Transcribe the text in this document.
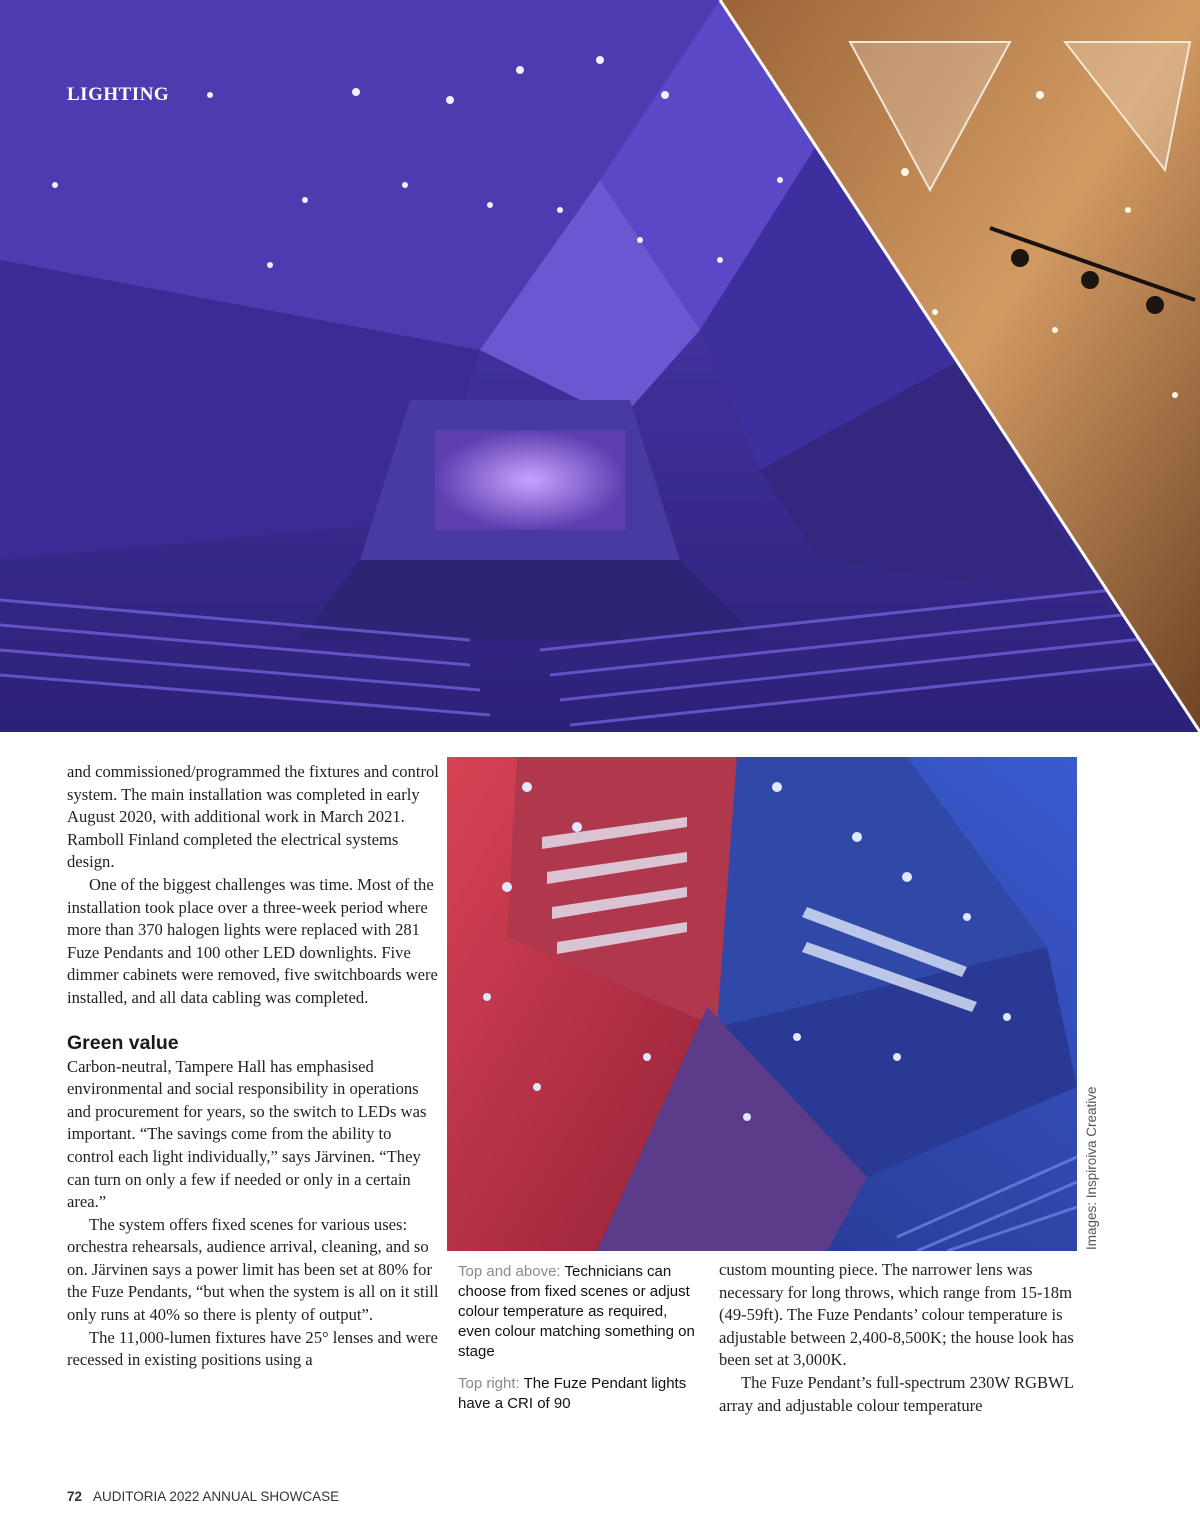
LIGHTING

and commissioned/programmed the fixtures and control system. The main installation was completed in early August 2020, with additional work in March 2021. Ramboll Finland completed the electrical systems design.

One of the biggest challenges was time. Most of the installation took place over a three-week period where more than 370 halogen lights were replaced with 281 Fuze Pendants and 100 other LED downlights. Five dimmer cabinets were removed, five switchboards were installed, and all data cabling was completed.

Green value

Carbon-neutral, Tampere Hall has emphasised environmental and social responsibility in operations and procurement for years, so the switch to LEDs was important. “The savings come from the ability to control each light individually,” says Järvinen. “They can turn on only a few if needed or only in a certain area.”

The system offers fixed scenes for various uses: orchestra rehearsals, audience arrival, cleaning, and so on. Järvinen says a power limit has been set at 80% for the Fuze Pendants, “but when the system is all on it still only runs at 40% so there is plenty of output”.

The 11,000-lumen fixtures have 25° lenses and were recessed in existing positions using a

Images: Inspiroiva Creative

Top and above: Technicians can choose from fixed scenes or adjust colour temperature as required, even colour matching something on stage

Top right: The Fuze Pendant lights have a CRI of 90

custom mounting piece. The narrower lens was necessary for long throws, which range from 15-18m (49-59ft). The Fuze Pendants’ colour temperature is adjustable between 2,400-8,500K; the house look has been set at 3,000K.

The Fuze Pendant’s full-spectrum 230W RGBWL array and adjustable colour temperature

72 AUDITORIA 2022 ANNUAL SHOWCASE
